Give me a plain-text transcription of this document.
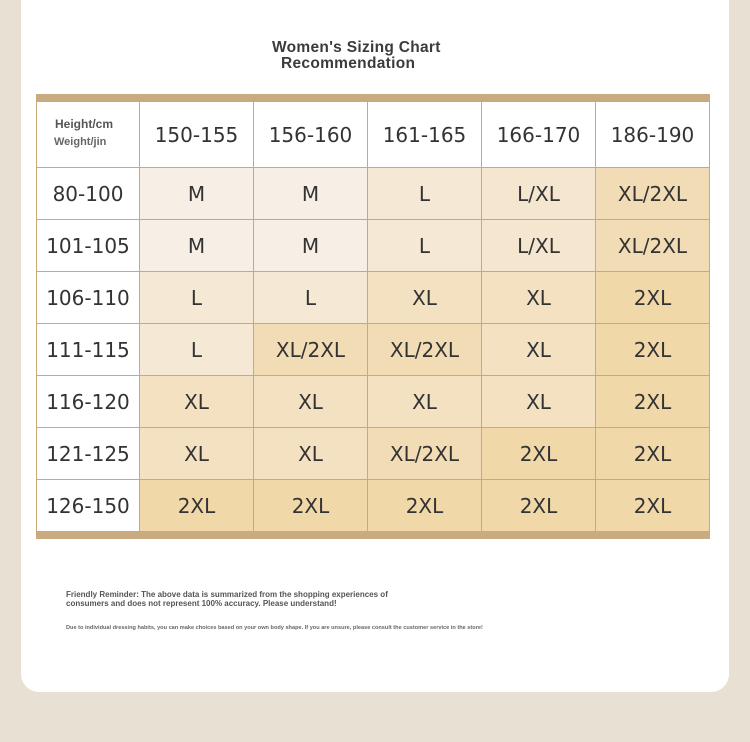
Women's Sizing Chart
Recommendation
Height/cm
Weight/jin	150-155	156-160	161-165	166-170	186-190
80-100	M	M	L	L/XL	XL/2XL
101-105	M	M	L	L/XL	XL/2XL
106-110	L	L	XL	XL	2XL
111-115	L	XL/2XL	XL/2XL	XL	2XL
116-120	XL	XL	XL	XL	2XL
121-125	XL	XL	XL/2XL	2XL	2XL
126-150	2XL	2XL	2XL	2XL	2XL
Friendly Reminder: The above data is summarized from the shopping experiences of consumers and does not represent 100% accuracy. Please understand!
Due to individual dressing habits, you can make choices based on your own body shape. If you are unsure, please consult the customer service in the store!
